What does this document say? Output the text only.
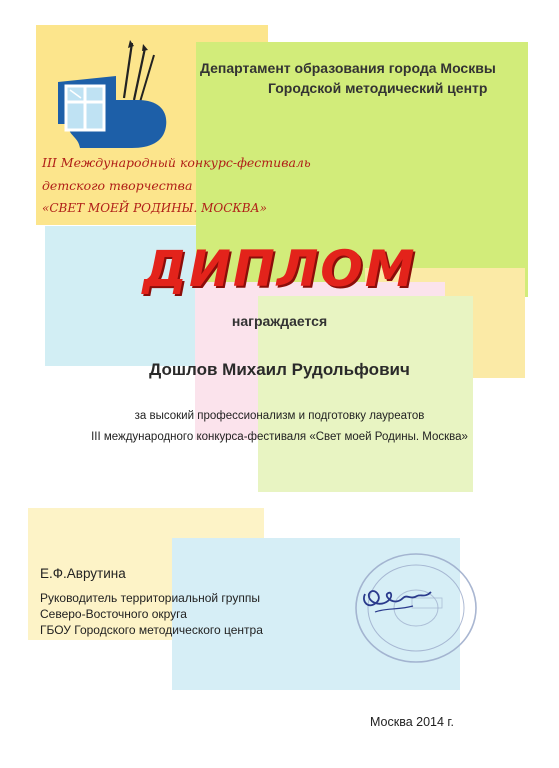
Департамент образования города Москвы

Городской методический центр

III Международный конкурс-фестиваль

детского творчества

«СВЕТ МОЕЙ РОДИНЫ. МОСКВА»

ДИПЛОМ

награждается

Дошлов Михаил Рудольфович

за высокий профессионализм и подготовку лауреатов

III международного конкурса-фестиваля «Свет моей Родины. Москва»

Е.Ф.Аврутина

Руководитель территориальной группы

Северо-Восточного округа

ГБОУ Городского методического центра

Москва 2014 г.
